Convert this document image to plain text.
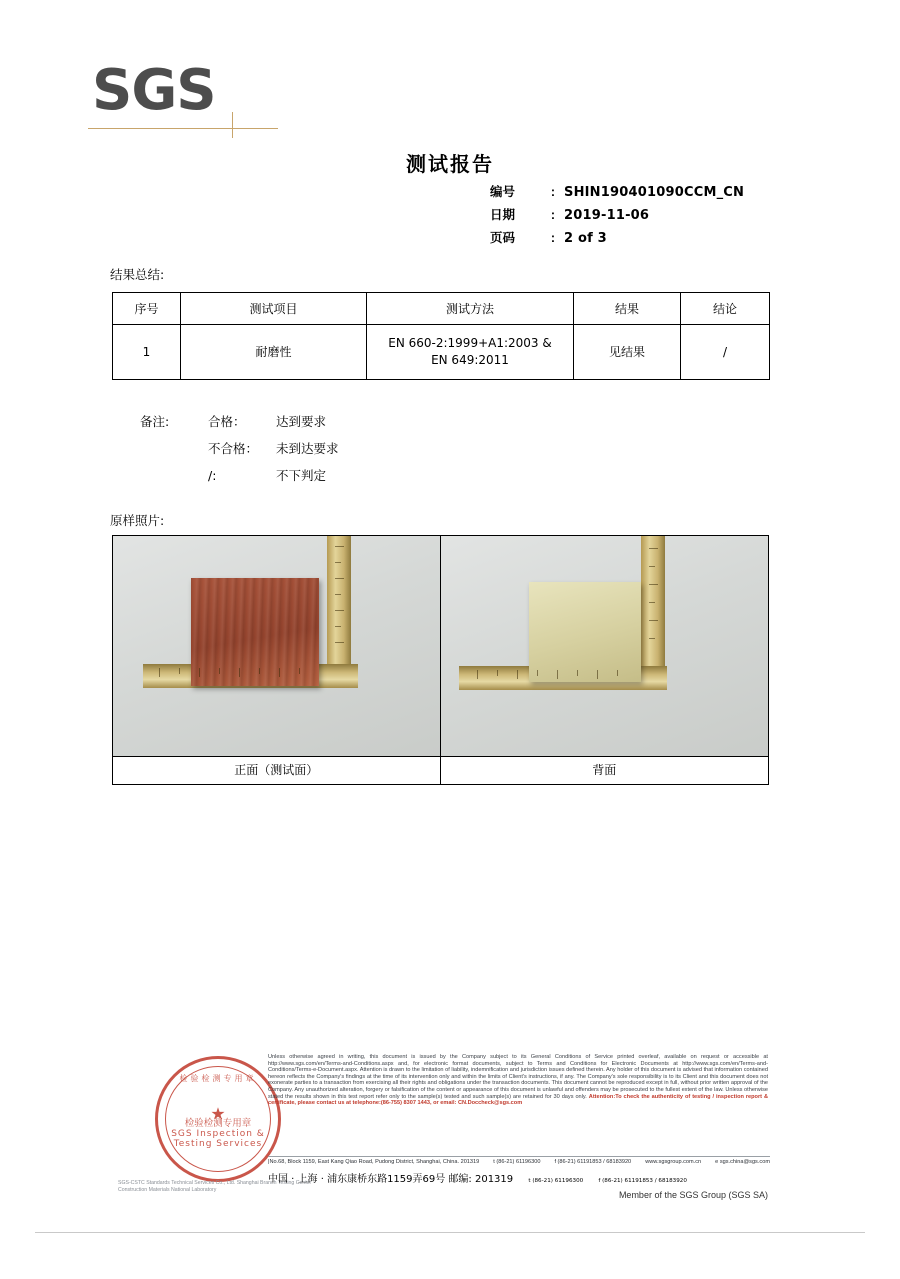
SGS
测试报告
编号	: SHIN190401090CCM_CN
日期	: 2019-11-06
页码	: 2 of 3
结果总结:
序号	测试项目	测试方法	结果	结论
1	耐磨性	EN 660-2:1999+A1:2003 &
EN 649:2011	见结果	/
备注:	合格：	达到要求
不合格：	未到达要求
/:	不下判定
原样照片:
正面（测试面）	背面
检验检测专用章
★
检验检测专用章
SGS Inspection & Testing Services
SGS-CSTC Standards Technical Services Co., Ltd. Shanghai Branch Testing Center Construction Materials National Laboratory
Unless otherwise agreed in writing, this document is issued by the Company subject to its General Conditions of Service printed overleaf, available on request or accessible at http://www.sgs.com/en/Terms-and-Conditions.aspx and, for electronic format documents, subject to Terms and Conditions for Electronic Documents at http://www.sgs.com/en/Terms-and-Conditions/Terms-e-Document.aspx. Attention is drawn to the limitation of liability, indemnification and jurisdiction issues defined therein. Any holder of this document is advised that information contained hereon reflects the Company's findings at the time of its intervention only and within the limits of Client's instructions, if any. The Company's sole responsibility is to its Client and this document does not exonerate parties to a transaction from exercising all their rights and obligations under the transaction documents. This document cannot be reproduced except in full, without prior written approval of the Company. Any unauthorized alteration, forgery or falsification of the content or appearance of this document is unlawful and offenders may be prosecuted to the fullest extent of the law. Unless otherwise stated the results shown in this test report refer only to the sample(s) tested and such sample(s) are retained for 30 days only. Attention:To check the authenticity of testing / inspection report & certificate, please contact us at telephone:(86-755) 8307 1443, or email: CN.Doccheck@sgs.com
|No.68, Block 1159, East Kang Qiao Road, Pudong District, Shanghai, China. 201319	t (86-21) 61196300	f (86-21) 61191853 / 68183920	www.sgsgroup.com.cn	e sgs.china@sgs.com
中国 · 上海 · 浦东康桥东路1159弄69号 邮编: 201319	t (86-21) 61196300	f (86-21) 61191853 / 68183920
Member of the SGS Group (SGS SA)
